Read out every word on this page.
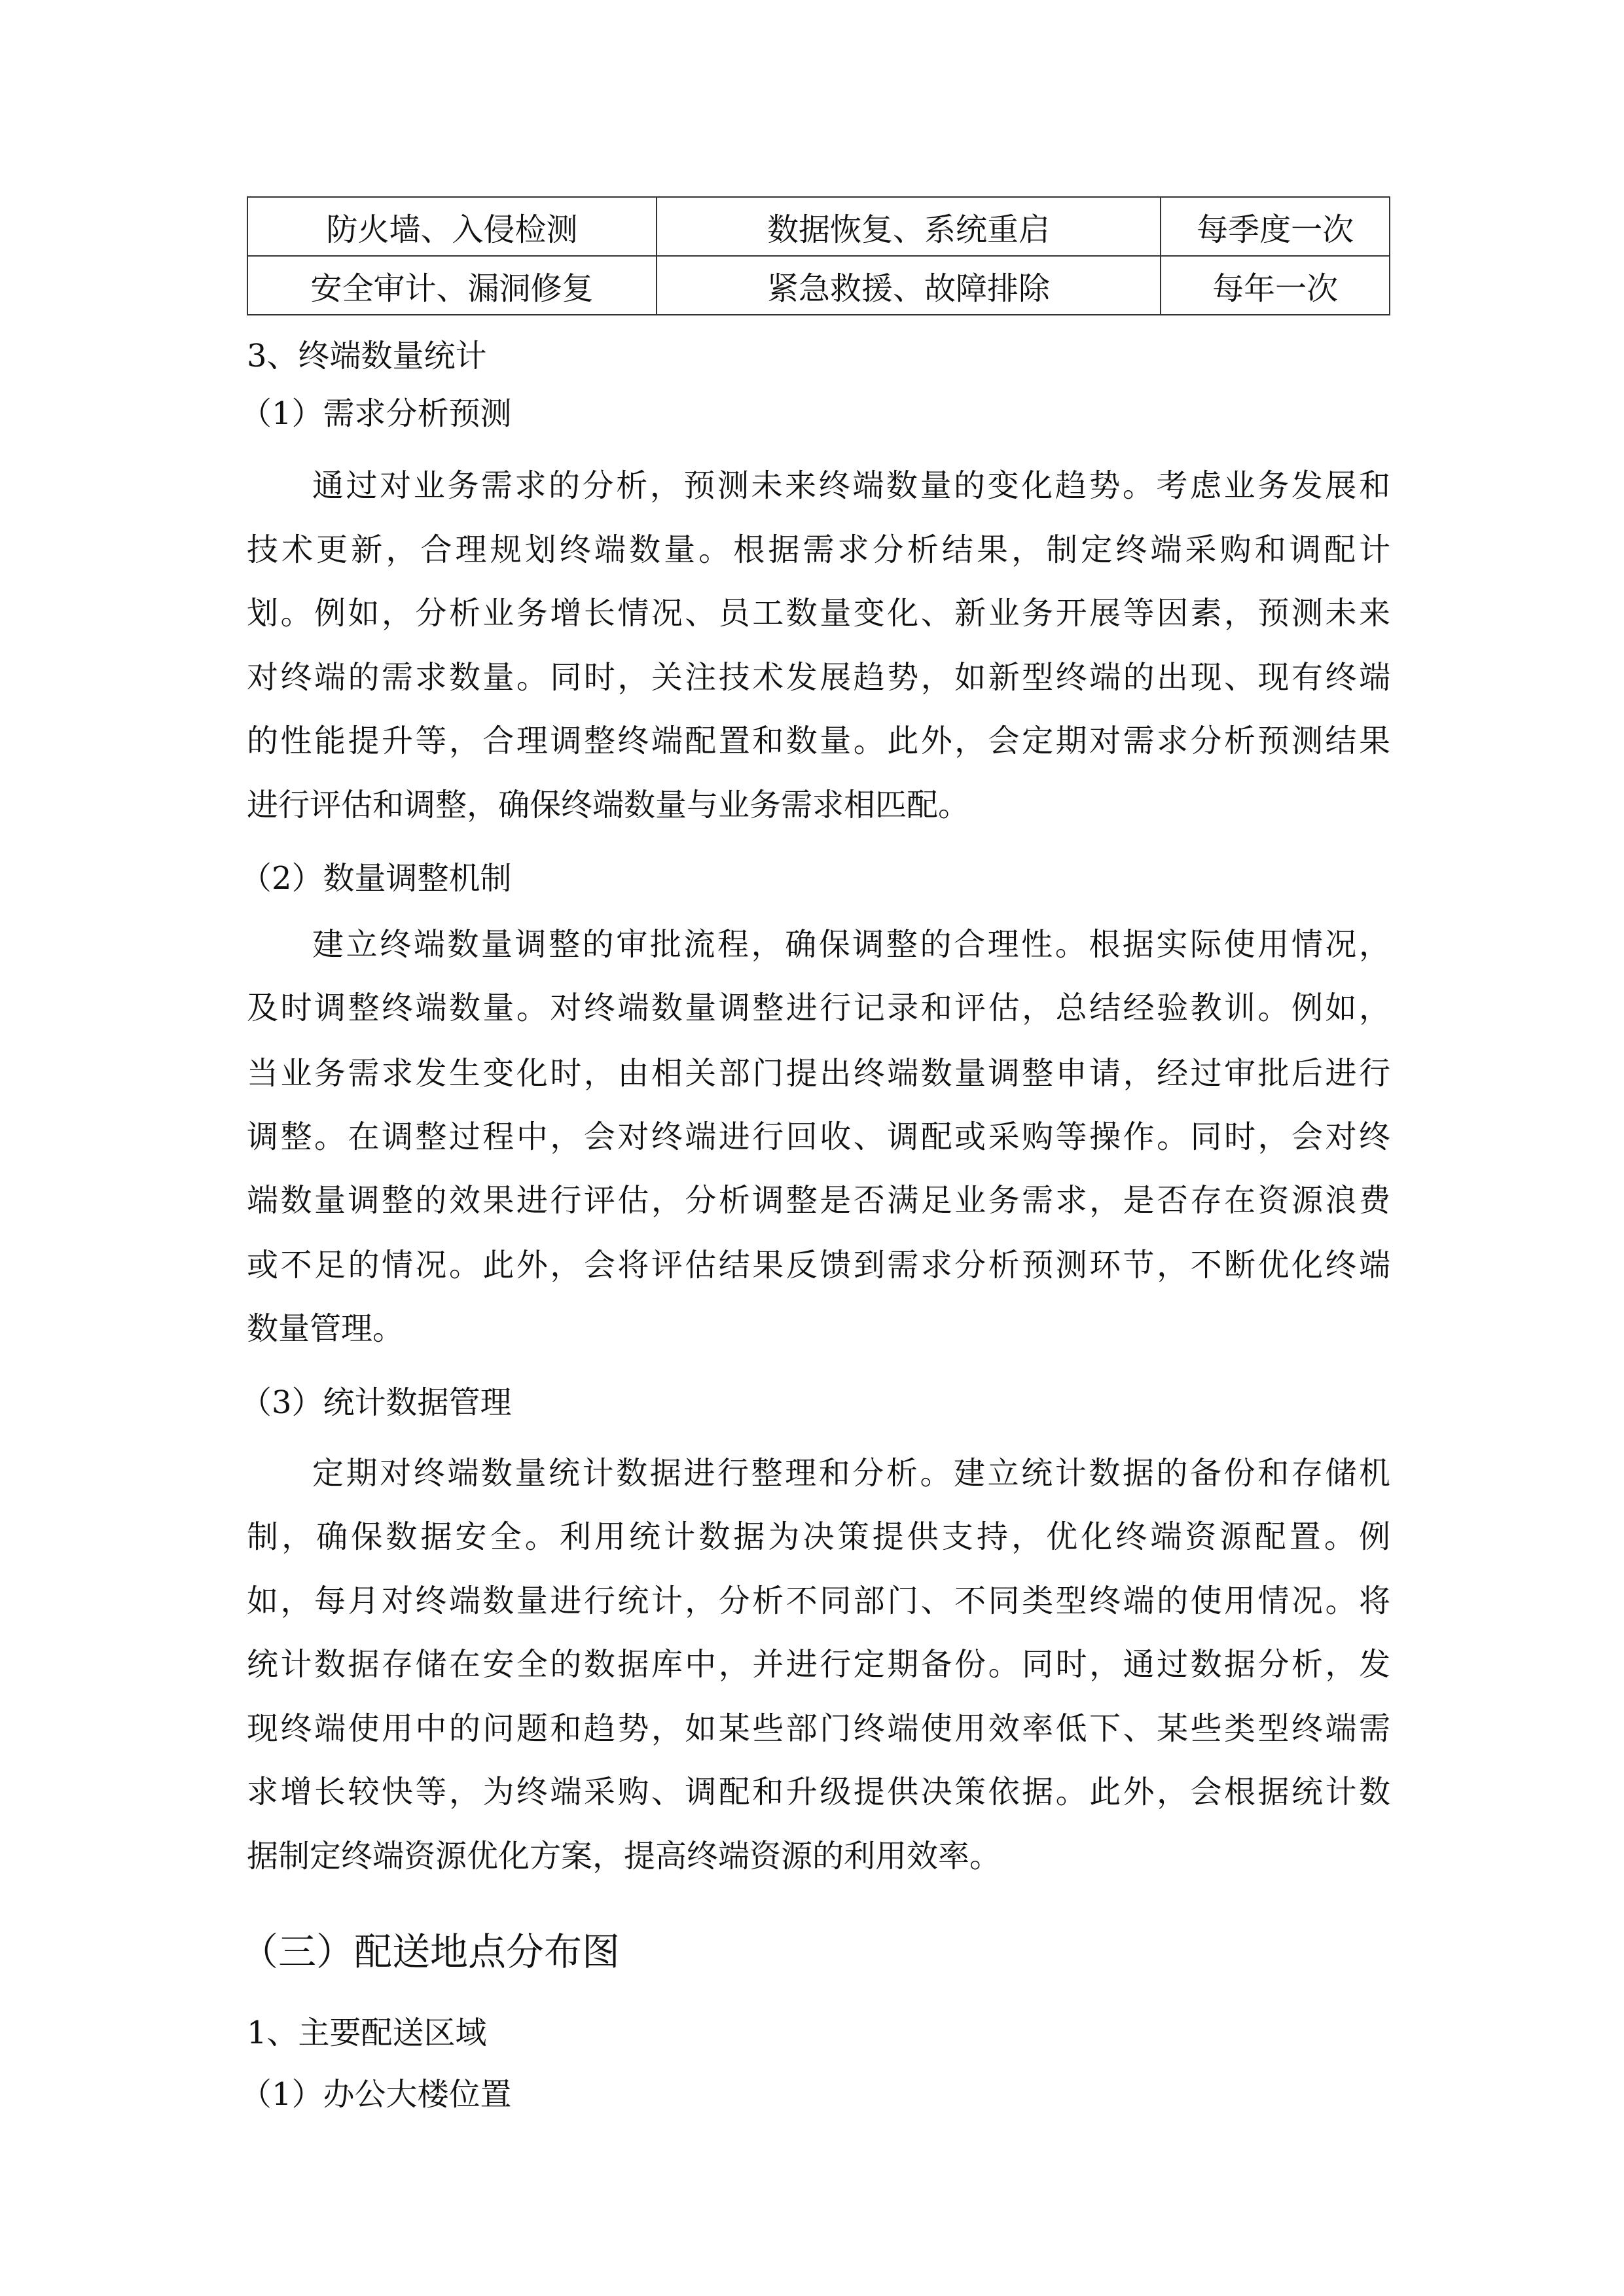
防火墙、入侵检测	数据恢复、系统重启	每季度一次
安全审计、漏洞修复	紧急救援、故障排除	每年一次
3、终端数量统计
（1）需求分析预测
通过对业务需求的分析，预测未来终端数量的变化趋势。考虑业务发展和
技术更新，合理规划终端数量。根据需求分析结果，制定终端采购和调配计
划。例如，分析业务增长情况、员工数量变化、新业务开展等因素，预测未来
对终端的需求数量。同时，关注技术发展趋势，如新型终端的出现、现有终端
的性能提升等，合理调整终端配置和数量。此外，会定期对需求分析预测结果
进行评估和调整，确保终端数量与业务需求相匹配。
（2）数量调整机制
建立终端数量调整的审批流程，确保调整的合理性。根据实际使用情况，
及时调整终端数量。对终端数量调整进行记录和评估，总结经验教训。例如，
当业务需求发生变化时，由相关部门提出终端数量调整申请，经过审批后进行
调整。在调整过程中，会对终端进行回收、调配或采购等操作。同时，会对终
端数量调整的效果进行评估，分析调整是否满足业务需求，是否存在资源浪费
或不足的情况。此外，会将评估结果反馈到需求分析预测环节，不断优化终端
数量管理。
（3）统计数据管理
定期对终端数量统计数据进行整理和分析。建立统计数据的备份和存储机
制，确保数据安全。利用统计数据为决策提供支持，优化终端资源配置。例
如，每月对终端数量进行统计，分析不同部门、不同类型终端的使用情况。将
统计数据存储在安全的数据库中，并进行定期备份。同时，通过数据分析，发
现终端使用中的问题和趋势，如某些部门终端使用效率低下、某些类型终端需
求增长较快等，为终端采购、调配和升级提供决策依据。此外，会根据统计数
据制定终端资源优化方案，提高终端资源的利用效率。
（三）配送地点分布图
1、主要配送区域
（1）办公大楼位置
